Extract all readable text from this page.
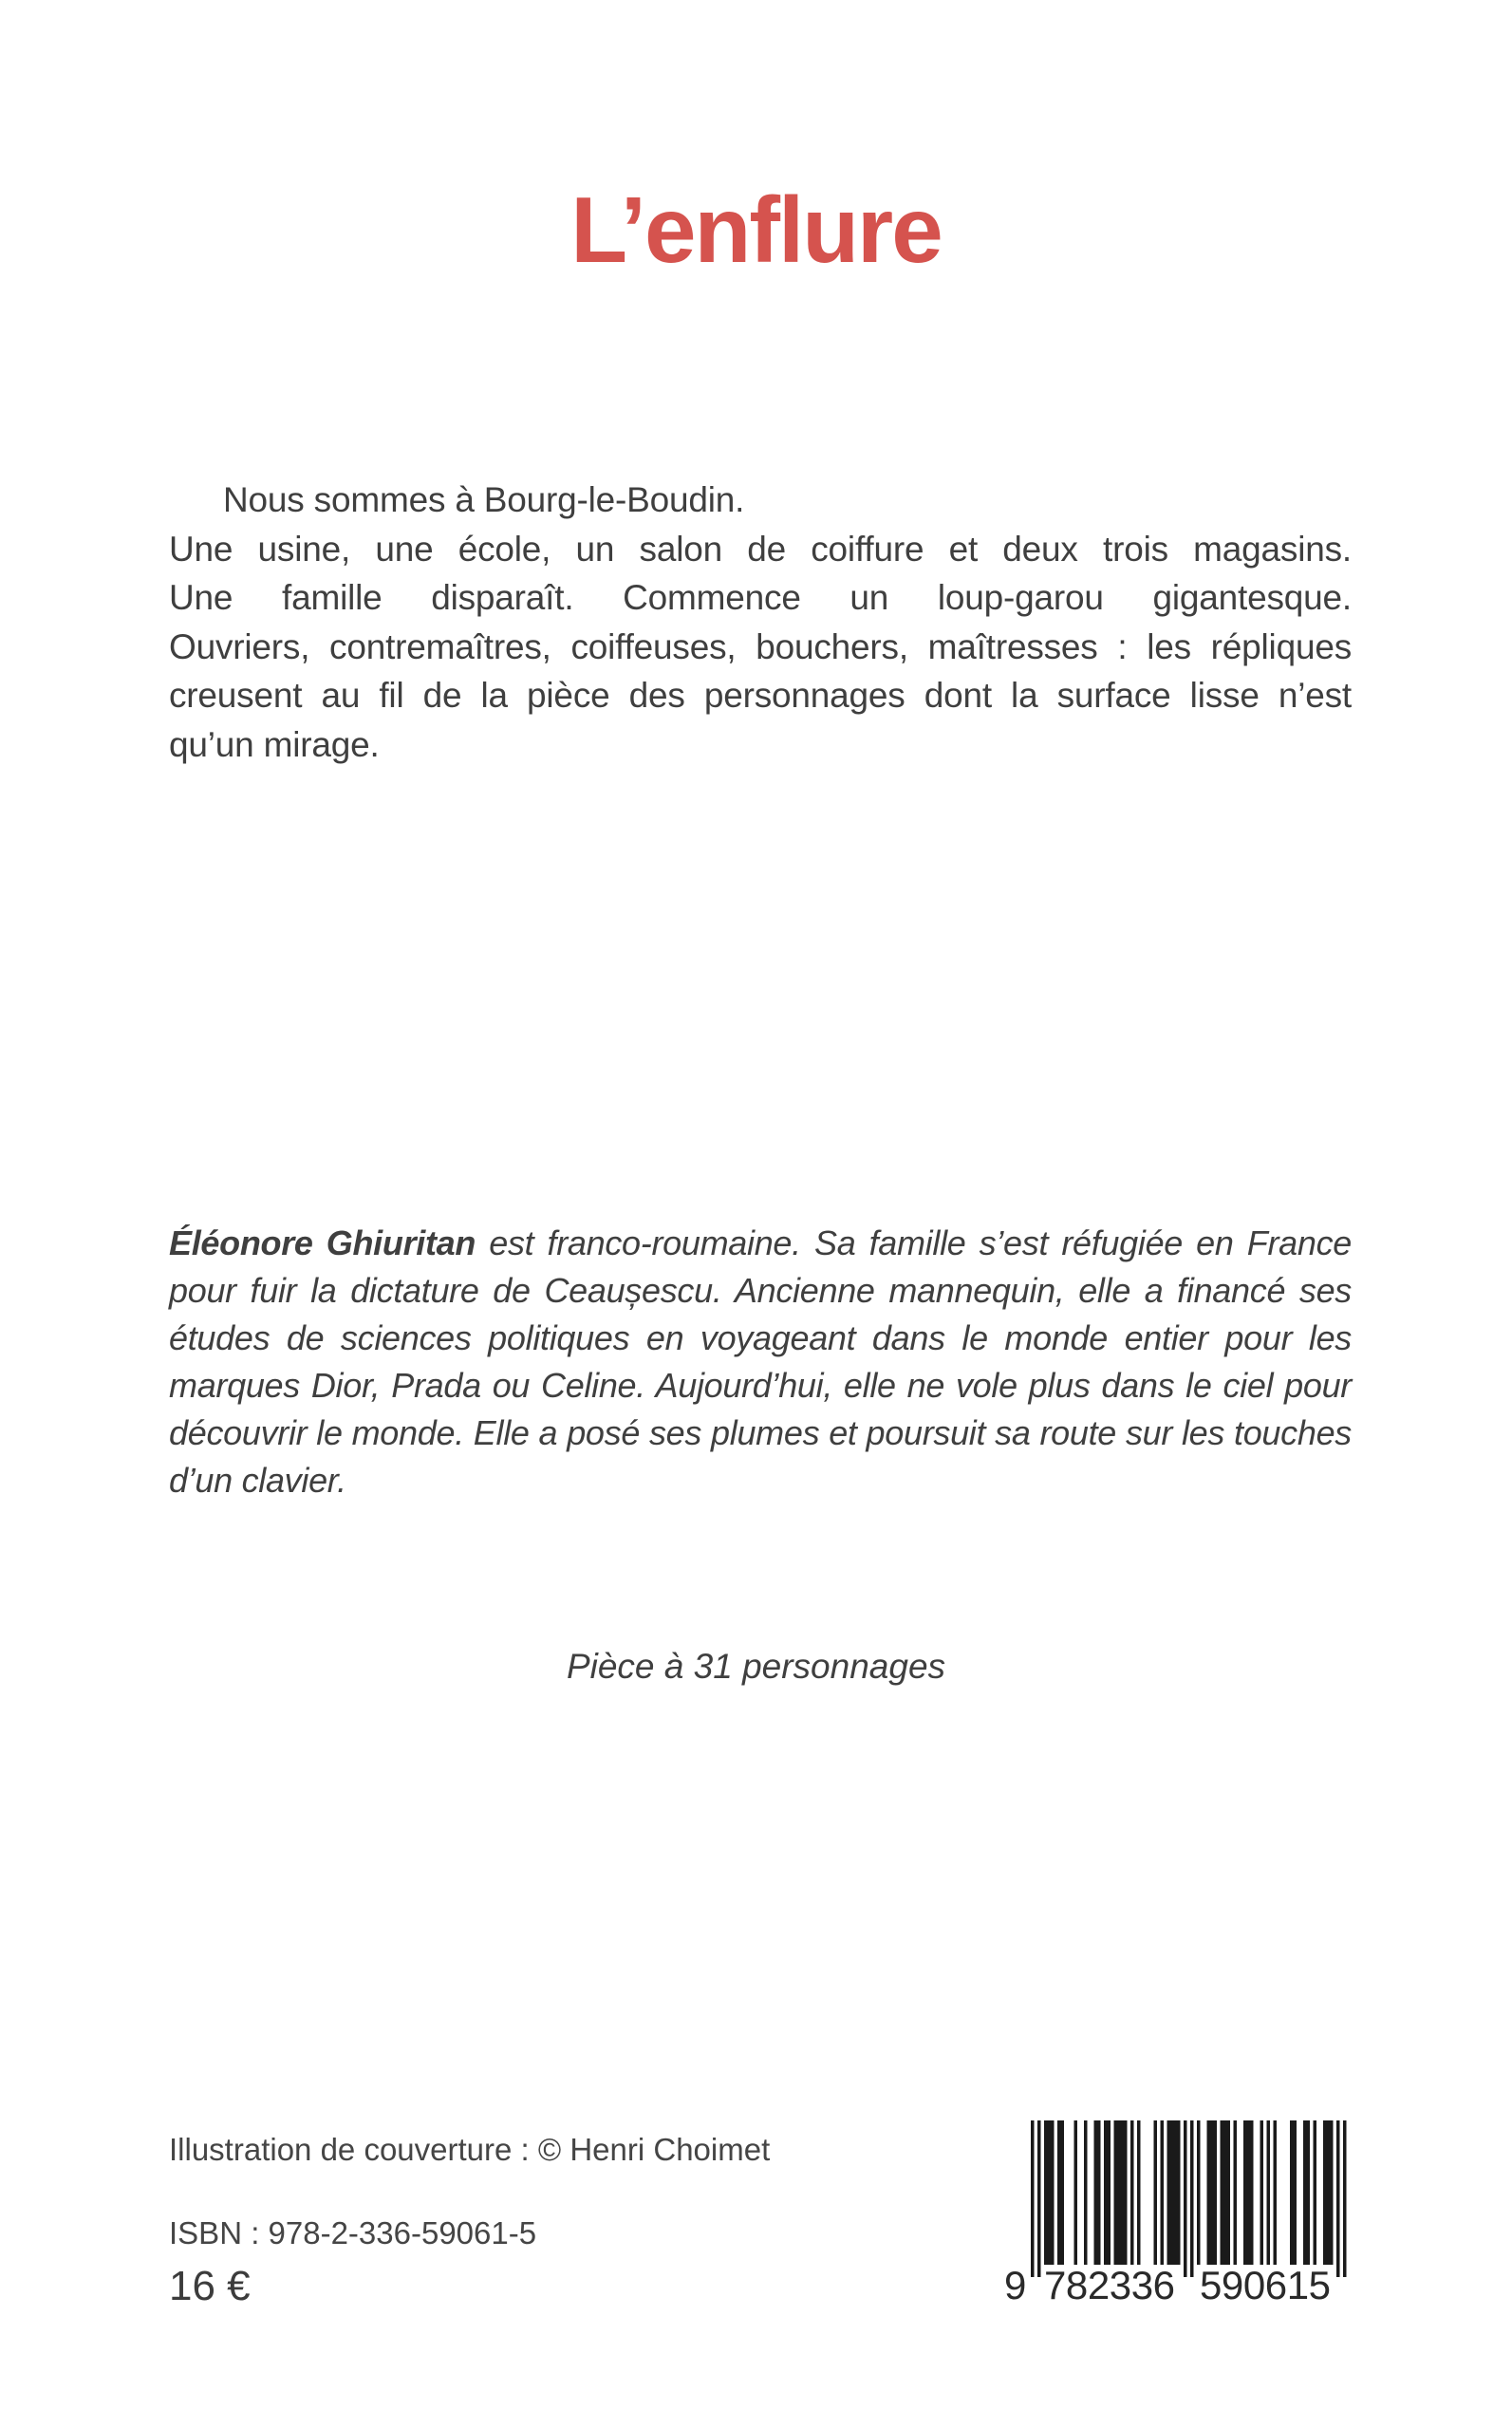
L’enflure
Nous sommes à Bourg-le-Boudin.
Une usine, une école, un salon de coiffure et deux trois magasins.
Une famille disparaît. Commence un loup-garou gigantesque.
Ouvriers, contremaîtres, coiffeuses, bouchers, maîtresses : les répliques
creusent au fil de la pièce des personnages dont la surface lisse n’est
qu’un mirage.
Éléonore Ghiuritan est franco-roumaine. Sa famille s’est réfugiée en France
pour fuir la dictature de Ceaușescu. Ancienne mannequin, elle a financé ses
études de sciences politiques en voyageant dans le monde entier pour les
marques Dior, Prada ou Celine. Aujourd’hui, elle ne vole plus dans le ciel pour
découvrir le monde. Elle a posé ses plumes et poursuit sa route sur les touches
d’un clavier.
Pièce à 31 personnages
Illustration de couverture : © Henri Choimet
ISBN : 978-2-336-59061-5
16 €	9 782336 590615
